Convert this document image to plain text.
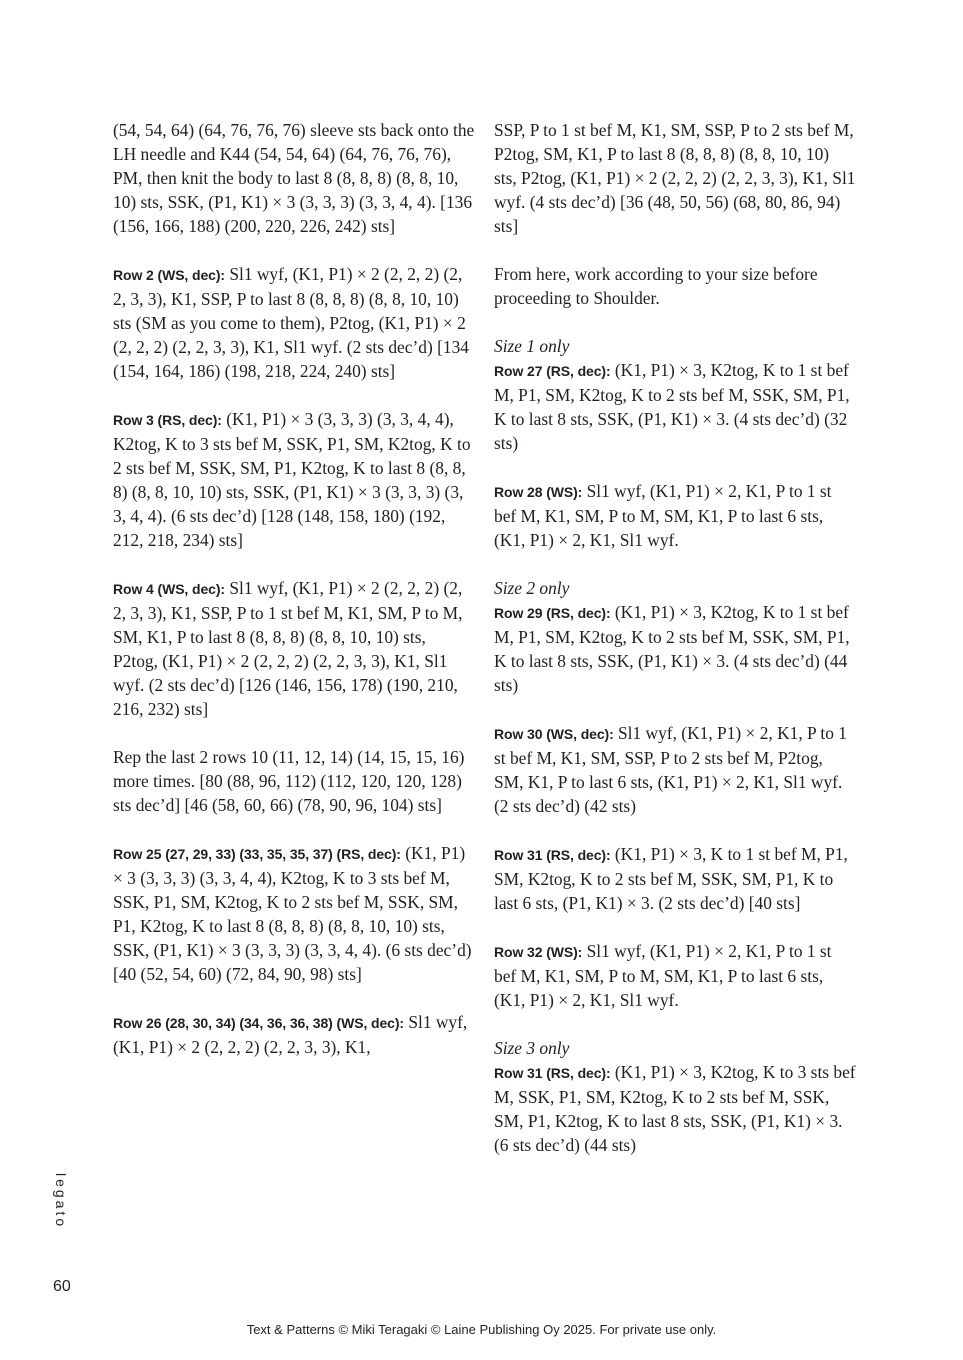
(54, 54, 64) (64, 76, 76, 76) sleeve sts back onto the LH needle and K44 (54, 54, 64) (64, 76, 76, 76), PM, then knit the body to last 8 (8, 8, 8) (8, 8, 10, 10) sts, SSK, (P1, K1) × 3 (3, 3, 3) (3, 3, 4, 4). [136 (156, 166, 188) (200, 220, 226, 242) sts]

Row 2 (WS, dec): Sl1 wyf, (K1, P1) × 2 (2, 2, 2) (2, 2, 3, 3), K1, SSP, P to last 8 (8, 8, 8) (8, 8, 10, 10) sts (SM as you come to them), P2tog, (K1, P1) × 2 (2, 2, 2) (2, 2, 3, 3), K1, Sl1 wyf. (2 sts dec’d) [134 (154, 164, 186) (198, 218, 224, 240) sts]

Row 3 (RS, dec): (K1, P1) × 3 (3, 3, 3) (3, 3, 4, 4), K2tog, K to 3 sts bef M, SSK, P1, SM, K2tog, K to 2 sts bef M, SSK, SM, P1, K2tog, K to last 8 (8, 8, 8) (8, 8, 10, 10) sts, SSK, (P1, K1) × 3 (3, 3, 3) (3, 3, 4, 4). (6 sts dec’d) [128 (148, 158, 180) (192, 212, 218, 234) sts]

Row 4 (WS, dec): Sl1 wyf, (K1, P1) × 2 (2, 2, 2) (2, 2, 3, 3), K1, SSP, P to 1 st bef M, K1, SM, P to M, SM, K1, P to last 8 (8, 8, 8) (8, 8, 10, 10) sts, P2tog, (K1, P1) × 2 (2, 2, 2) (2, 2, 3, 3), K1, Sl1 wyf. (2 sts dec’d) [126 (146, 156, 178) (190, 210, 216, 232) sts]

Rep the last 2 rows 10 (11, 12, 14) (14, 15, 15, 16) more times. [80 (88, 96, 112) (112, 120, 120, 128) sts dec’d] [46 (58, 60, 66) (78, 90, 96, 104) sts]

Row 25 (27, 29, 33) (33, 35, 35, 37) (RS, dec): (K1, P1) × 3 (3, 3, 3) (3, 3, 4, 4), K2tog, K to 3 sts bef M, SSK, P1, SM, K2tog, K to 2 sts bef M, SSK, SM, P1, K2tog, K to last 8 (8, 8, 8) (8, 8, 10, 10) sts, SSK, (P1, K1) × 3 (3, 3, 3) (3, 3, 4, 4). (6 sts dec’d) [40 (52, 54, 60) (72, 84, 90, 98) sts]

Row 26 (28, 30, 34) (34, 36, 36, 38) (WS, dec): Sl1 wyf, (K1, P1) × 2 (2, 2, 2) (2, 2, 3, 3), K1,

SSP, P to 1 st bef M, K1, SM, SSP, P to 2 sts bef M, P2tog, SM, K1, P to last 8 (8, 8, 8) (8, 8, 10, 10) sts, P2tog, (K1, P1) × 2 (2, 2, 2) (2, 2, 3, 3), K1, Sl1 wyf. (4 sts dec’d) [36 (48, 50, 56) (68, 80, 86, 94) sts]

From here, work according to your size before proceeding to Shoulder.

Size 1 only
Row 27 (RS, dec): (K1, P1) × 3, K2tog, K to 1 st bef M, P1, SM, K2tog, K to 2 sts bef M, SSK, SM, P1, K to last 8 sts, SSK, (P1, K1) × 3. (4 sts dec’d) (32 sts)

Row 28 (WS): Sl1 wyf, (K1, P1) × 2, K1, P to 1 st bef M, K1, SM, P to M, SM, K1, P to last 6 sts, (K1, P1) × 2, K1, Sl1 wyf.

Size 2 only
Row 29 (RS, dec): (K1, P1) × 3, K2tog, K to 1 st bef M, P1, SM, K2tog, K to 2 sts bef M, SSK, SM, P1, K to last 8 sts, SSK, (P1, K1) × 3. (4 sts dec’d) (44 sts)

Row 30 (WS, dec): Sl1 wyf, (K1, P1) × 2, K1, P to 1 st bef M, K1, SM, SSP, P to 2 sts bef M, P2tog, SM, K1, P to last 6 sts, (K1, P1) × 2, K1, Sl1 wyf. (2 sts dec’d) (42 sts)

Row 31 (RS, dec): (K1, P1) × 3, K to 1 st bef M, P1, SM, K2tog, K to 2 sts bef M, SSK, SM, P1, K to last 6 sts, (P1, K1) × 3. (2 sts dec’d) [40 sts]

Row 32 (WS): Sl1 wyf, (K1, P1) × 2, K1, P to 1 st bef M, K1, SM, P to M, SM, K1, P to last 6 sts, (K1, P1) × 2, K1, Sl1 wyf.

Size 3 only
Row 31 (RS, dec): (K1, P1) × 3, K2tog, K to 3 sts bef M, SSK, P1, SM, K2tog, K to 2 sts bef M, SSK, SM, P1, K2tog, K to last 8 sts, SSK, (P1, K1) × 3. (6 sts dec’d) (44 sts)

legato
60
Text & Patterns © Miki Teragaki © Laine Publishing Oy 2025. For private use only.
